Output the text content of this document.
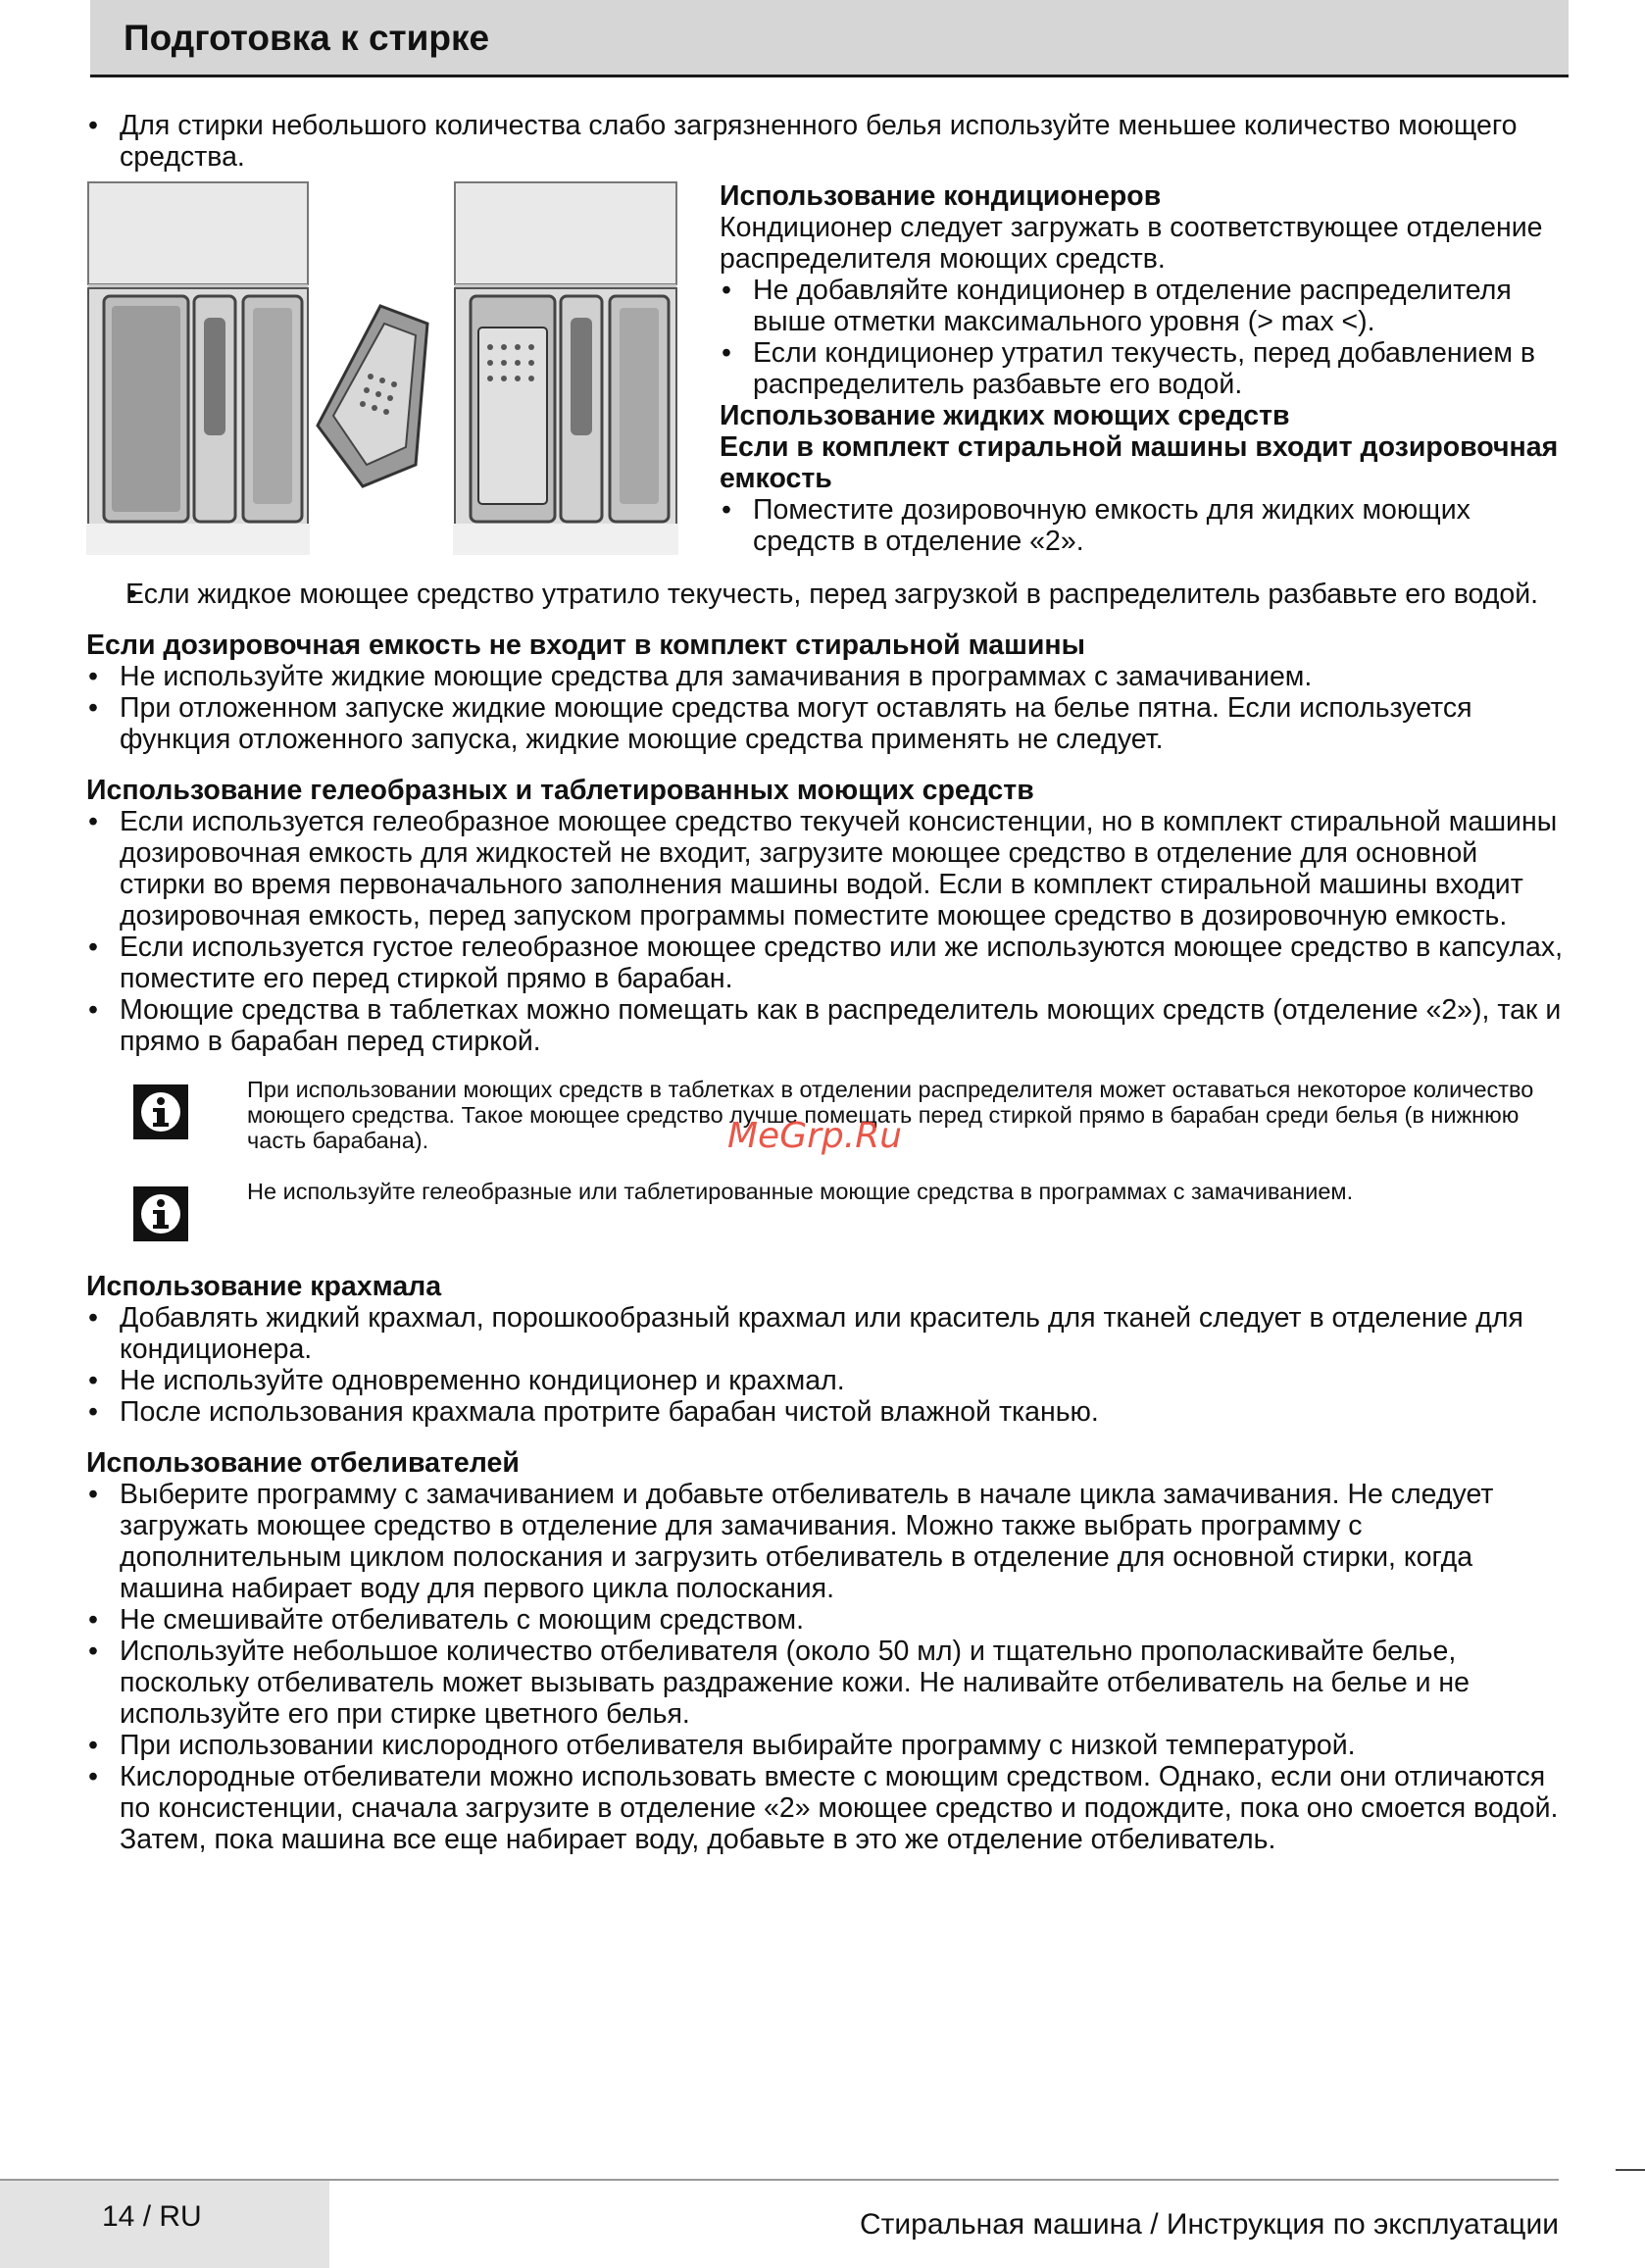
Подготовка к стирке
• Для стирки небольшого количества слабо загрязненного белья используйте меньшее количество моющего средства.
Использование кондиционеров

Кондиционер следует загружать в соответствующее отделение распределителя моющих средств.

• Не добавляйте кондиционер в отделение распределителя выше отметки максимального уровня (> max <).
• Если кондиционер утратил текучесть, перед добавлением в распределитель разбавьте его водой.
Использование жидких моющих средств
Если в комплект стиральной машины входит дозировочная емкость
• Поместите дозировочную емкость для жидких моющих средств в отделение «2».
• Если жидкое моющее средство утратило текучесть, перед загрузкой в распределитель разбавьте его водой.
Если дозировочная емкость не входит в комплект стиральной машины
• Не используйте жидкие моющие средства для замачивания в программах с замачиванием.
• При отложенном запуске жидкие моющие средства могут оставлять на белье пятна. Если используется функция отложенного запуска, жидкие моющие средства применять не следует.
Использование гелеобразных и таблетированных моющих средств
• Если используется гелеобразное моющее средство текучей консистенции, но в комплект стиральной машины дозировочная емкость для жидкостей не входит, загрузите моющее средство в отделение для основной стирки во время первоначального заполнения машины водой. Если в комплект стиральной машины входит дозировочная емкость, перед запуском программы поместите моющее средство в дозировочную емкость.
• Если используется густое гелеобразное моющее средство или же используются моющее средство в капсулах, поместите его перед стиркой прямо в барабан.
• Моющие средства в таблетках можно помещать как в распределитель моющих средств (отделение «2»), так и прямо в барабан перед стиркой.

При использовании моющих средств в таблетках в отделении распределителя может оставаться некоторое количество моющего средства. Такое моющее средство лучше помещать перед стиркой прямо в барабан среди белья (в нижнюю часть барабана).

Не используйте гелеобразные или таблетированные моющие средства в программах с замачиванием.

Использование крахмала
• Добавлять жидкий крахмал, порошкообразный крахмал или краситель для тканей следует в отделение для кондиционера.
• Не используйте одновременно кондиционер и крахмал.
• После использования крахмала протрите барабан чистой влажной тканью.
Использование отбеливателей
• Выберите программу с замачиванием и добавьте отбеливатель в начале цикла замачивания. Не следует загружать моющее средство в отделение для замачивания. Можно также выбрать программу с дополнительным циклом полоскания и загрузить отбеливатель в отделение для основной стирки, когда машина набирает воду для первого цикла полоскания.
• Не смешивайте отбеливатель с моющим средством.
• Используйте небольшое количество отбеливателя (около 50 мл) и тщательно прополаскивайте белье, поскольку отбеливатель может вызывать раздражение кожи. Не наливайте отбеливатель на белье и не используйте его при стирке цветного белья.
• При использовании кислородного отбеливателя выбирайте программу с низкой температурой.
• Кислородные отбеливатели можно использовать вместе с моющим средством. Однако, если они отличаются по консистенции, сначала загрузите в отделение «2» моющее средство и подождите, пока оно смоется водой. Затем, пока машина все еще набирает воду, добавьте в это же отделение отбеливатель.
MeGrp.Ru
14 / RU	Стиральная машина / Инструкция по эксплуатации
